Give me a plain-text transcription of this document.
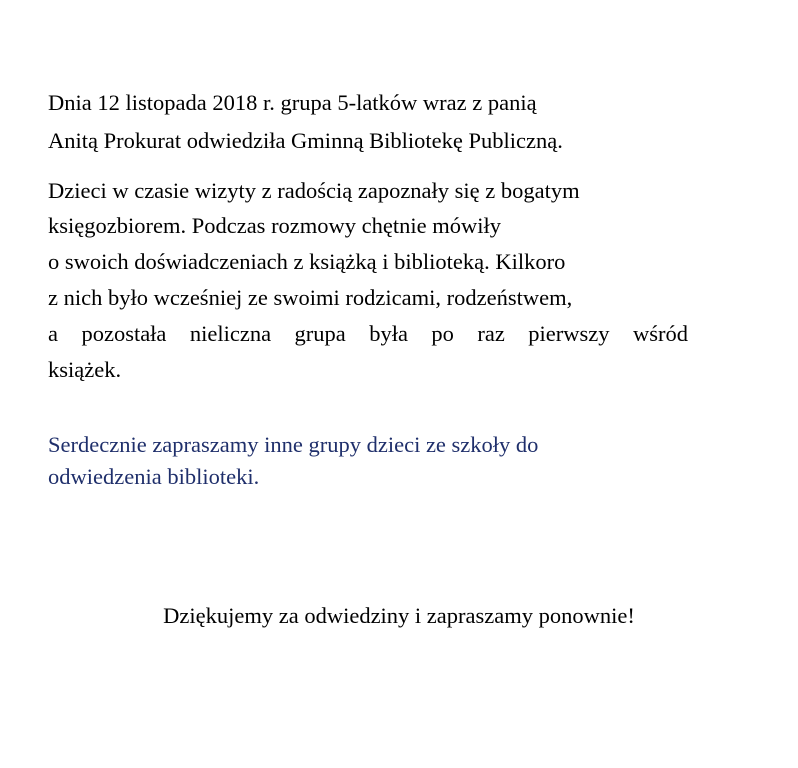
Dnia 12 listopada 2018 r. grupa 5-latków wraz z panią
Anitą Prokurat odwiedziła Gminną Bibliotekę Publiczną.
Dzieci w czasie wizyty z radością zapoznały się z bogatym
księgozbiorem. Podczas rozmowy chętnie mówiły
o swoich doświadczeniach z książką i biblioteką. Kilkoro
z nich było wcześniej ze swoimi rodzicami, rodzeństwem,
a pozostała nieliczna grupa była po raz pierwszy wśród
książek.
Serdecznie zapraszamy inne grupy dzieci ze szkoły do
odwiedzenia biblioteki.
Dziękujemy za odwiedziny i zapraszamy ponownie!
